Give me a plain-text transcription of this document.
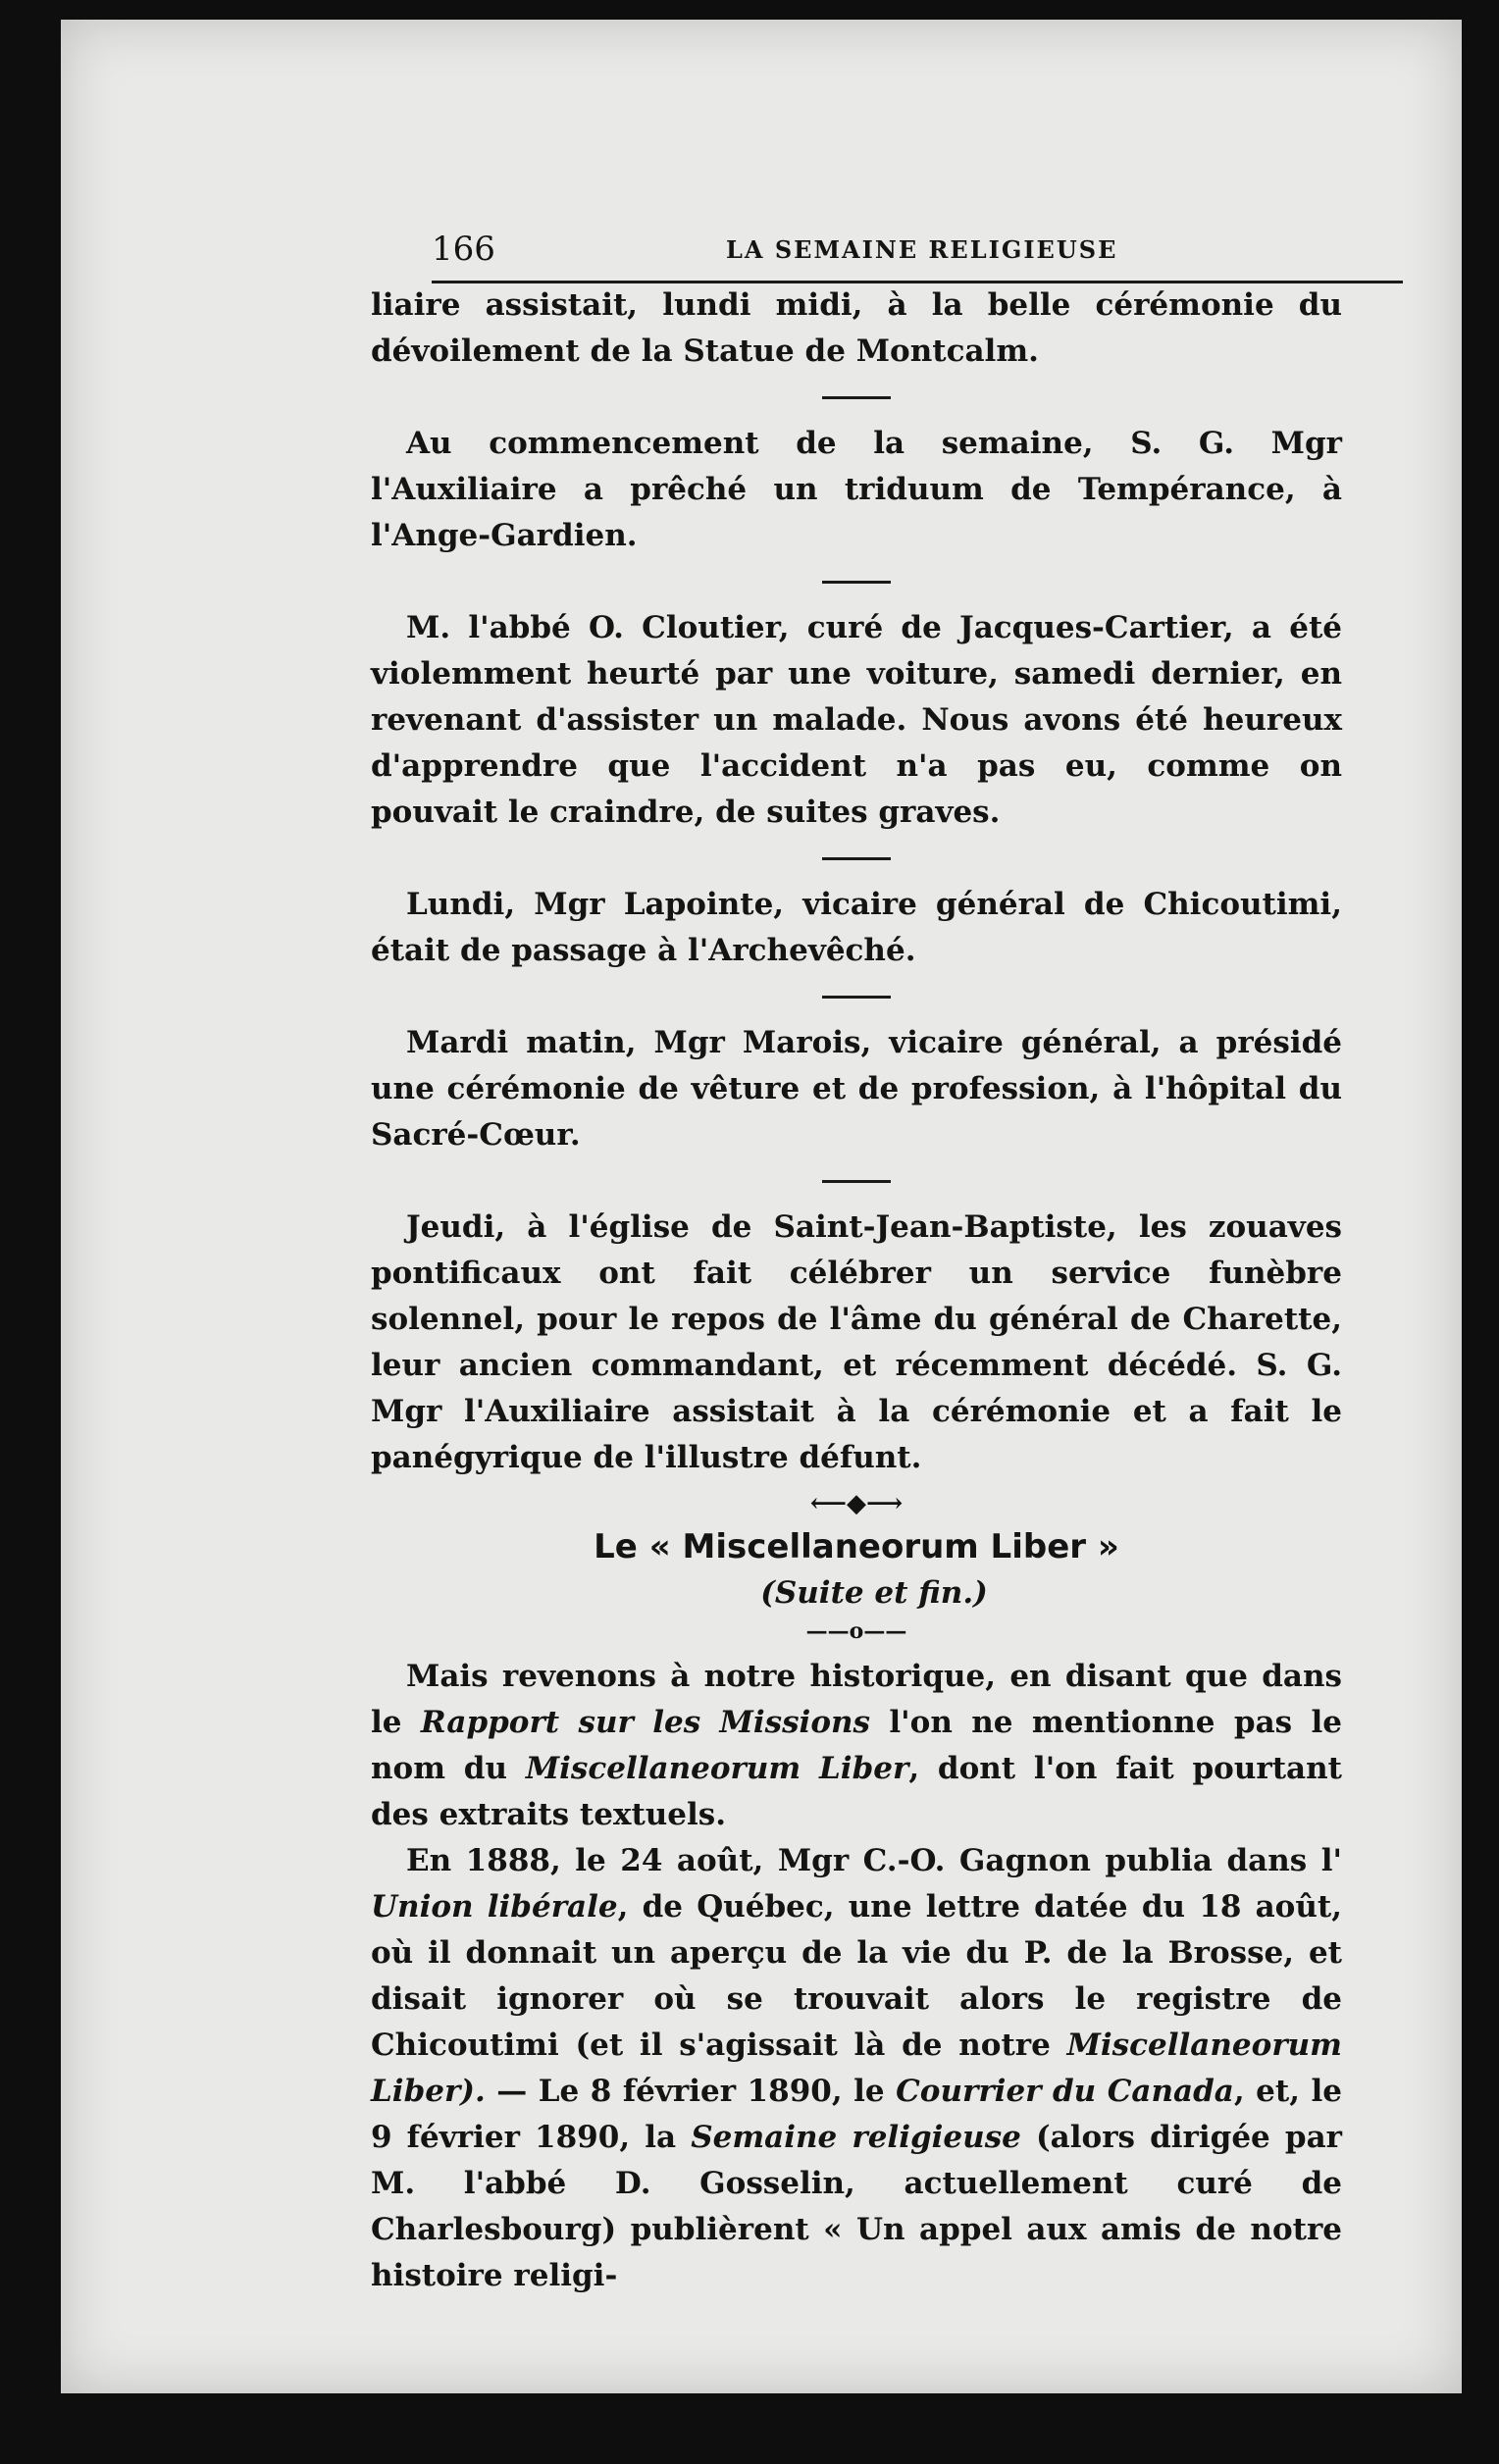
166	LA SEMAINE RELIGIEUSE

liaire assistait, lundi midi, à la belle cérémonie du dévoilement de la Statue de Montcalm.

Au commencement de la semaine, S. G. Mgr l'Auxiliaire a prêché un triduum de Tempérance, à l'Ange-Gardien.

M. l'abbé O. Cloutier, curé de Jacques-Cartier, a été violemment heurté par une voiture, samedi dernier, en revenant d'assister un malade. Nous avons été heureux d'apprendre que l'accident n'a pas eu, comme on pouvait le craindre, de suites graves.

Lundi, Mgr Lapointe, vicaire général de Chicoutimi, était de passage à l'Archevêché.

Mardi matin, Mgr Marois, vicaire général, a présidé une cérémonie de vêture et de profession, à l'hôpital du Sacré-Cœur.

Jeudi, à l'église de Saint-Jean-Baptiste, les zouaves pontificaux ont fait célébrer un service funèbre solennel, pour le repos de l'âme du général de Charette, leur ancien commandant, et récemment décédé. S. G. Mgr l'Auxiliaire assistait à la cérémonie et a fait le panégyrique de l'illustre défunt.

⟵◆⟶
Le « Miscellaneorum Liber »

(Suite et fin.)

——o——

Mais revenons à notre historique, en disant que dans le Rapport sur les Missions l'on ne mentionne pas le nom du Miscellaneorum Liber, dont l'on fait pourtant des extraits textuels.

En 1888, le 24 août, Mgr C.-O. Gagnon publia dans l' Union libérale, de Québec, une lettre datée du 18 août, où il donnait un aperçu de la vie du P. de la Brosse, et disait ignorer où se trouvait alors le registre de Chicoutimi (et il s'agissait là de notre Miscellaneorum Liber). — Le 8 février 1890, le Courrier du Canada, et, le 9 février 1890, la Semaine religieuse (alors dirigée par M. l'abbé D. Gosselin, actuellement curé de Charlesbourg) publièrent « Un appel aux amis de notre histoire religi-
